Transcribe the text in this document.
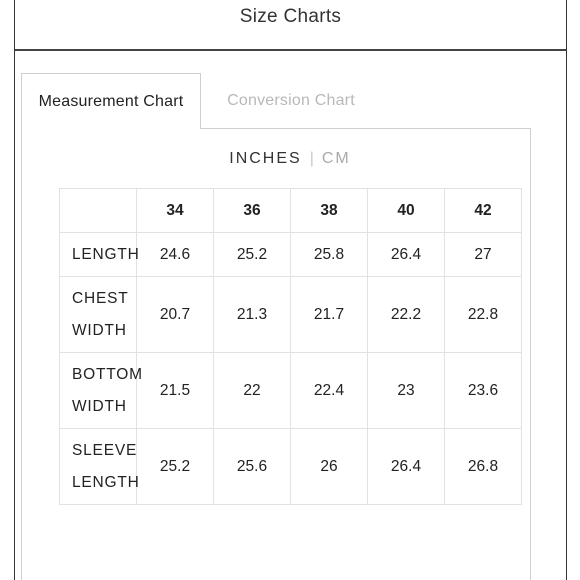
Size Charts
Measurement Chart	Conversion Chart
INCHES | CM
	34	36	38	40	42
LENGTH	24.6	25.2	25.8	26.4	27
CHEST
WIDTH	20.7	21.3	21.7	22.2	22.8
BOTTOM
WIDTH	21.5	22	22.4	23	23.6
SLEEVE
LENGTH	25.2	25.6	26	26.4	26.8
